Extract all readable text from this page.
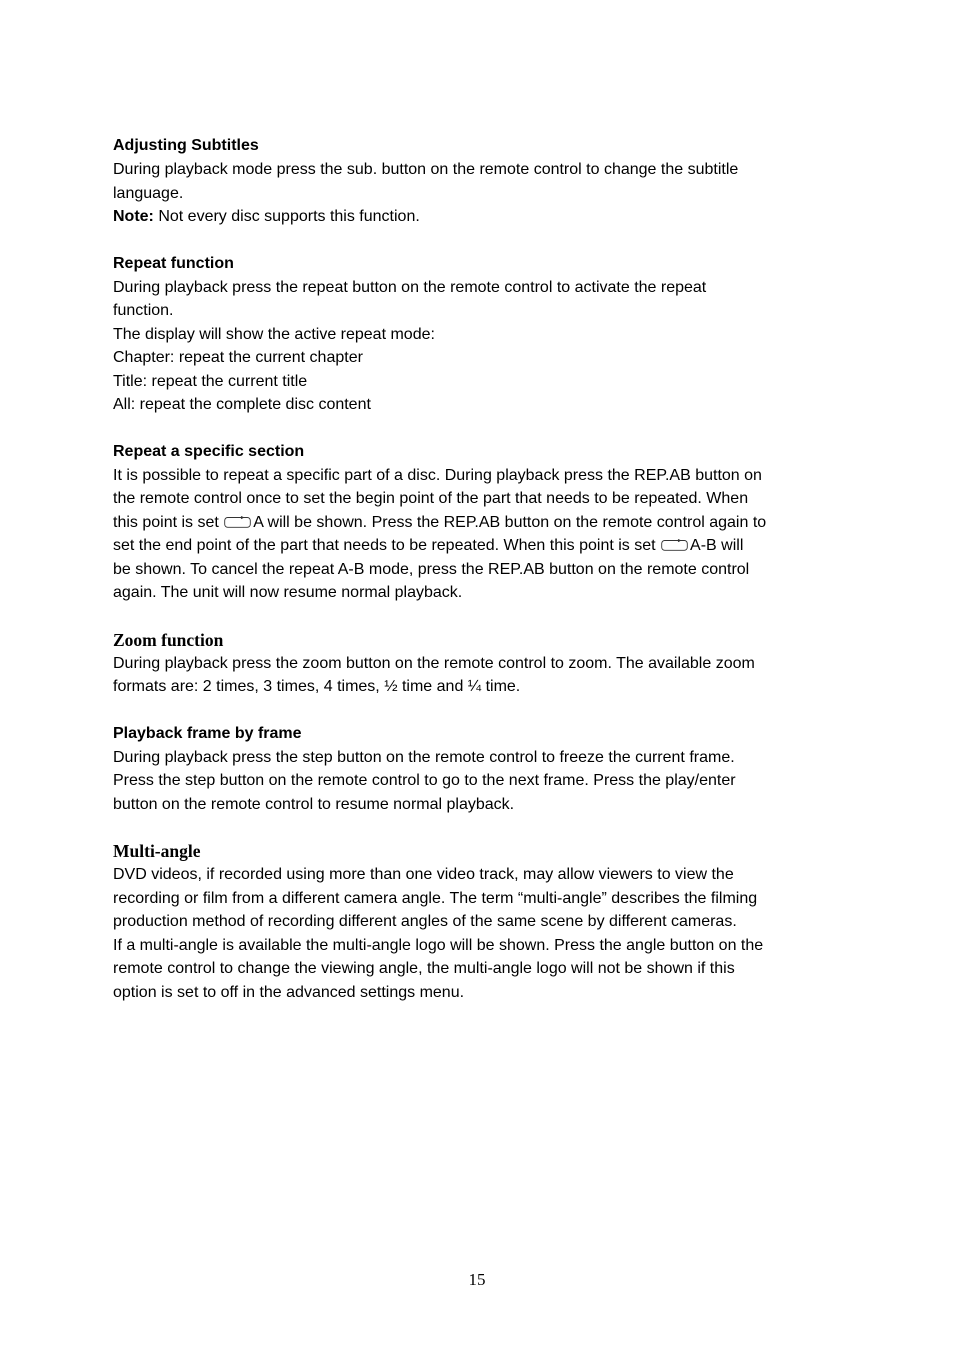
Adjusting Subtitles
During playback mode press the sub. button on the remote control to change the subtitle
language.
Note: Not every disc supports this function.
Repeat function
During playback press the repeat button on the remote control to activate the repeat
function.
The display will show the active repeat mode:
Chapter: repeat the current chapter
Title: repeat the current title
All: repeat the complete disc content
Repeat a specific section
It is possible to repeat a specific part of a disc. During playback press the REP.AB button on
the remote control once to set the begin point of the part that needs to be repeated. When
this point is set A will be shown. Press the REP.AB button on the remote control again to
set the end point of the part that needs to be repeated. When this point is set A-B will
be shown. To cancel the repeat A-B mode, press the REP.AB button on the remote control
again. The unit will now resume normal playback.
Zoom function
During playback press the zoom button on the remote control to zoom. The available zoom
formats are: 2 times, 3 times, 4 times, ½ time and ¼ time.
Playback frame by frame
During playback press the step button on the remote control to freeze the current frame.
Press the step button on the remote control to go to the next frame. Press the play/enter
button on the remote control to resume normal playback.
Multi-angle
DVD videos, if recorded using more than one video track, may allow viewers to view the
recording or film from a different camera angle. The term “multi-angle” describes the filming
production method of recording different angles of the same scene by different cameras.
If a multi-angle is available the multi-angle logo will be shown. Press the angle button on the
remote control to change the viewing angle, the multi-angle logo will not be shown if this
option is set to off in the advanced settings menu.
15
